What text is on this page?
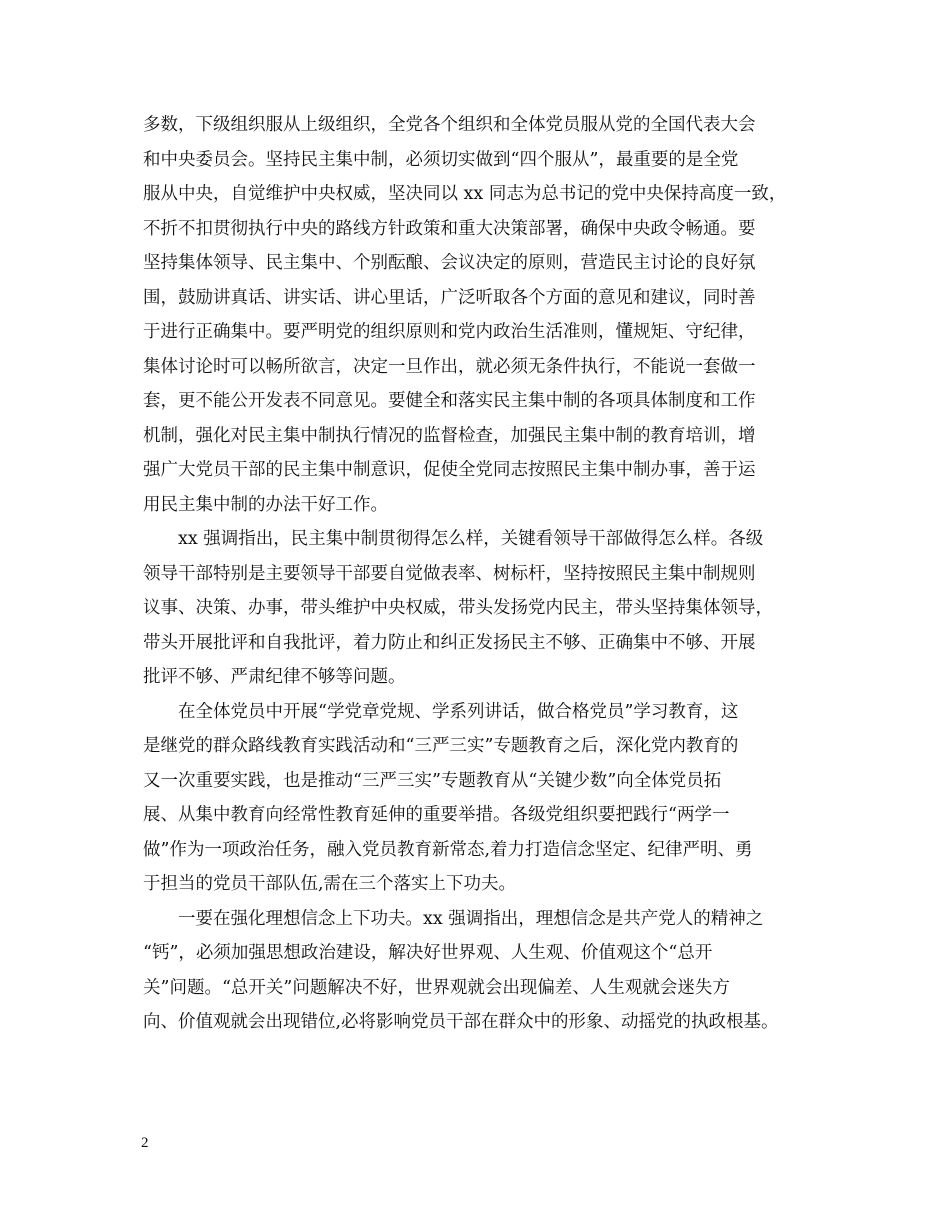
多数，下级组织服从上级组织，全党各个组织和全体党员服从党的全国代表大会
和中央委员会。坚持民主集中制，必须切实做到“四个服从”，最重要的是全党
服从中央，自觉维护中央权威，坚决同以 xx 同志为总书记的党中央保持高度一致，
不折不扣贯彻执行中央的路线方针政策和重大决策部署，确保中央政令畅通。要
坚持集体领导、民主集中、个别酝酿、会议决定的原则，营造民主讨论的良好氛
围，鼓励讲真话、讲实话、讲心里话，广泛听取各个方面的意见和建议，同时善
于进行正确集中。要严明党的组织原则和党内政治生活准则，懂规矩、守纪律，
集体讨论时可以畅所欲言，决定一旦作出，就必须无条件执行，不能说一套做一
套，更不能公开发表不同意见。要健全和落实民主集中制的各项具体制度和工作
机制，强化对民主集中制执行情况的监督检查，加强民主集中制的教育培训，增
强广大党员干部的民主集中制意识，促使全党同志按照民主集中制办事，善于运
用民主集中制的办法干好工作。

xx 强调指出，民主集中制贯彻得怎么样，关键看领导干部做得怎么样。各级
领导干部特别是主要领导干部要自觉做表率、树标杆，坚持按照民主集中制规则
议事、决策、办事，带头维护中央权威，带头发扬党内民主，带头坚持集体领导，
带头开展批评和自我批评，着力防止和纠正发扬民主不够、正确集中不够、开展
批评不够、严肃纪律不够等问题。

在全体党员中开展“学党章党规、学系列讲话，做合格党员”学习教育，这
是继党的群众路线教育实践活动和“三严三实”专题教育之后，深化党内教育的
又一次重要实践，也是推动“三严三实”专题教育从“关键少数”向全体党员拓
展、从集中教育向经常性教育延伸的重要举措。各级党组织要把践行“两学一
做”作为一项政治任务，融入党员教育新常态,着力打造信念坚定、纪律严明、勇
于担当的党员干部队伍,需在三个落实上下功夫。

一要在强化理想信念上下功夫。xx 强调指出，理想信念是共产党人的精神之
“钙”，必须加强思想政治建设，解决好世界观、人生观、价值观这个“总开
关”问题。“总开关”问题解决不好，世界观就会出现偏差、人生观就会迷失方
向、价值观就会出现错位,必将影响党员干部在群众中的形象、动摇党的执政根基。

2
